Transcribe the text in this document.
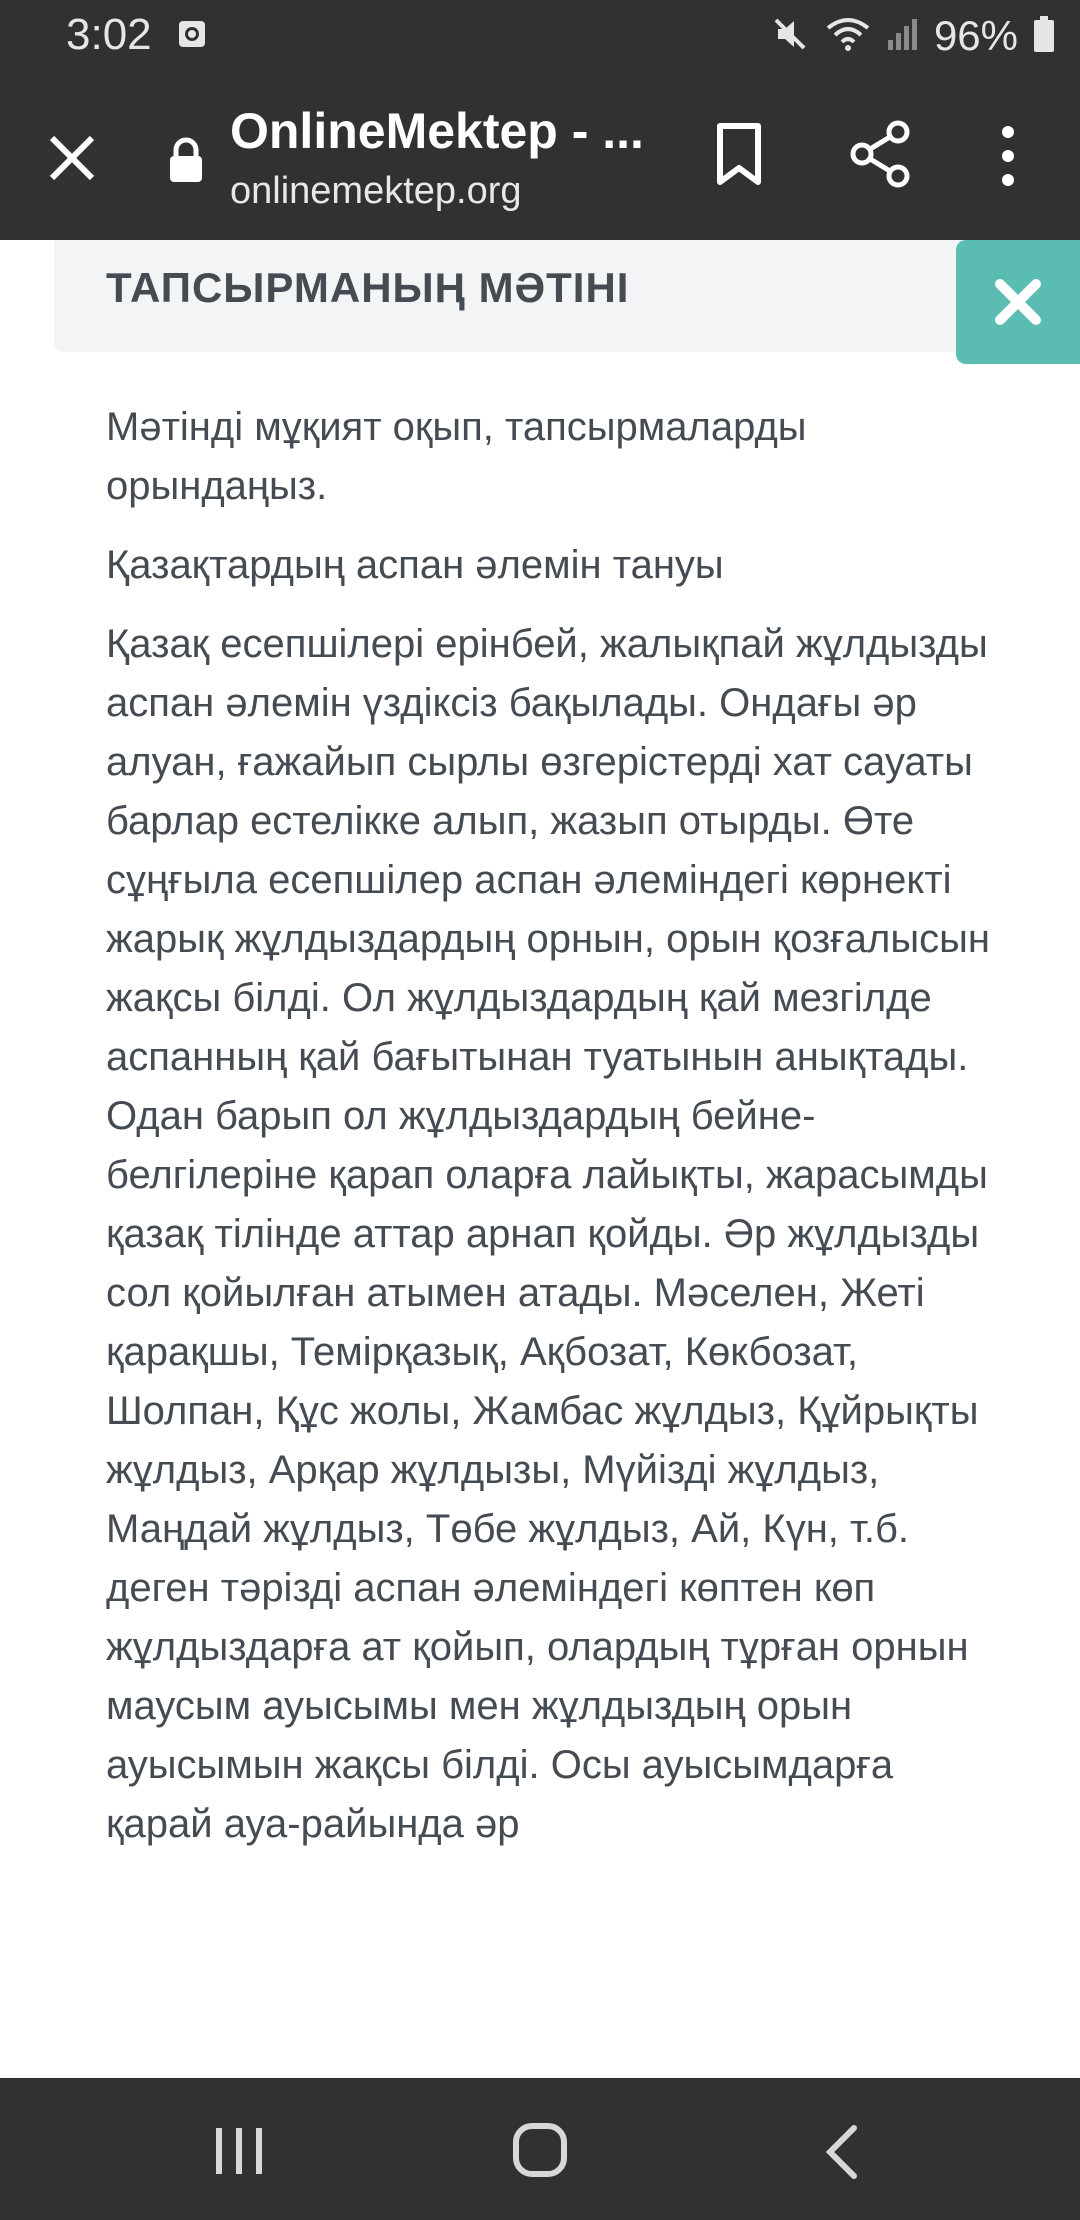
3:02	96%
OnlineMektep - ...
onlinemektep.org
ТАПСЫРМАНЫҢ МӘТІНІ

Мәтінді мұқият оқып, тапсырмаларды орындаңыз.

Қазақтардың аспан әлемін тануы

Қазақ есепшілері ерінбей, жалықпай жұлдызды аспан әлемін үздіксіз бақылады. Ондағы әр алуан, ғажайып сырлы өзгерістерді хат сауаты барлар естелікке алып, жазып отырды. Өте сұңғыла есепшілер аспан әлеміндегі көрнекті жарық жұлдыздардың орнын, орын қозғалысын жақсы білді. Ол жұлдыздардың қай мезгілде аспанның қай бағытынан туатынын анықтады. Одан барып ол жұлдыздардың бейне-белгілеріне қарап оларға лайықты, жарасымды қазақ тілінде аттар арнап қойды. Әр жұлдызды сол қойылған атымен атады. Мәселен, Жеті қарақшы, Темірқазық, Ақбозат, Көкбозат, Шолпан, Құс жолы, Жамбас жұлдыз, Құйрықты жұлдыз, Арқар жұлдызы, Мүйізді жұлдыз, Маңдай жұлдыз, Төбе жұлдыз, Ай, Күн, т.б. деген тәрізді аспан әлеміндегі көптен көп жұлдыздарға ат қойып, олардың тұрған орнын маусым ауысымы мен жұлдыздың орын ауысымын жақсы білді. Осы ауысымдарға қарай ауа-райында әр
